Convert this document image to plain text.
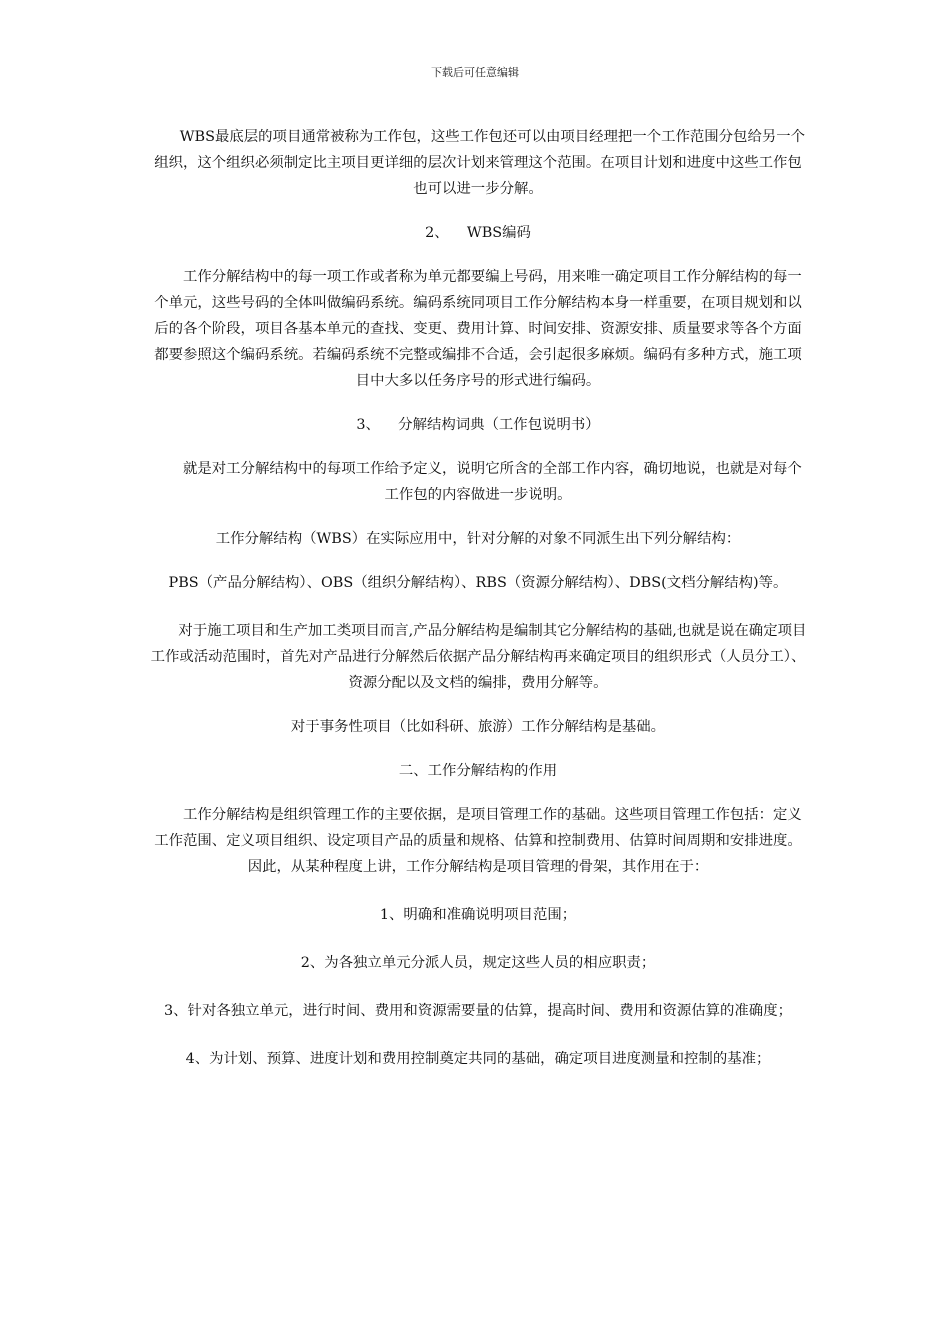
下载后可任意编辑

WBS最底层的项目通常被称为工作包，这些工作包还可以由项目经理把一个工作范围分包给另一个组织，这个组织必须制定比主项目更详细的层次计划来管理这个范围。在项目计划和进度中这些工作包也可以进一步分解。

2、    WBS编码

工作分解结构中的每一项工作或者称为单元都要编上号码，用来唯一确定项目工作分解结构的每一个单元，这些号码的全体叫做编码系统。编码系统同项目工作分解结构本身一样重要，在项目规划和以后的各个阶段，项目各基本单元的查找、变更、费用计算、时间安排、资源安排、质量要求等各个方面都要参照这个编码系统。若编码系统不完整或编排不合适，会引起很多麻烦。编码有多种方式，施工项目中大多以任务序号的形式进行编码。

3、    分解结构词典（工作包说明书）

就是对工分解结构中的每项工作给予定义，说明它所含的全部工作内容，确切地说，也就是对每个工作包的内容做进一步说明。

工作分解结构（WBS）在实际应用中，针对分解的对象不同派生出下列分解结构：

PBS（产品分解结构）、OBS（组织分解结构）、RBS（资源分解结构）、DBS(文档分解结构)等。

对于施工项目和生产加工类项目而言,产品分解结构是编制其它分解结构的基础,也就是说在确定项目工作或活动范围时，首先对产品进行分解然后依据产品分解结构再来确定项目的组织形式（人员分工）、资源分配以及文档的编排，费用分解等。

对于事务性项目（比如科研、旅游）工作分解结构是基础。

二、工作分解结构的作用

工作分解结构是组织管理工作的主要依据，是项目管理工作的基础。这些项目管理工作包括：定义工作范围、定义项目组织、设定项目产品的质量和规格、估算和控制费用、估算时间周期和安排进度。因此，从某种程度上讲，工作分解结构是项目管理的骨架，其作用在于：

1、明确和准确说明项目范围；

2、为各独立单元分派人员，规定这些人员的相应职责；

3、针对各独立单元，进行时间、费用和资源需要量的估算，提高时间、费用和资源估算的准确度；

4、为计划、预算、进度计划和费用控制奠定共同的基础，确定项目进度测量和控制的基准；
